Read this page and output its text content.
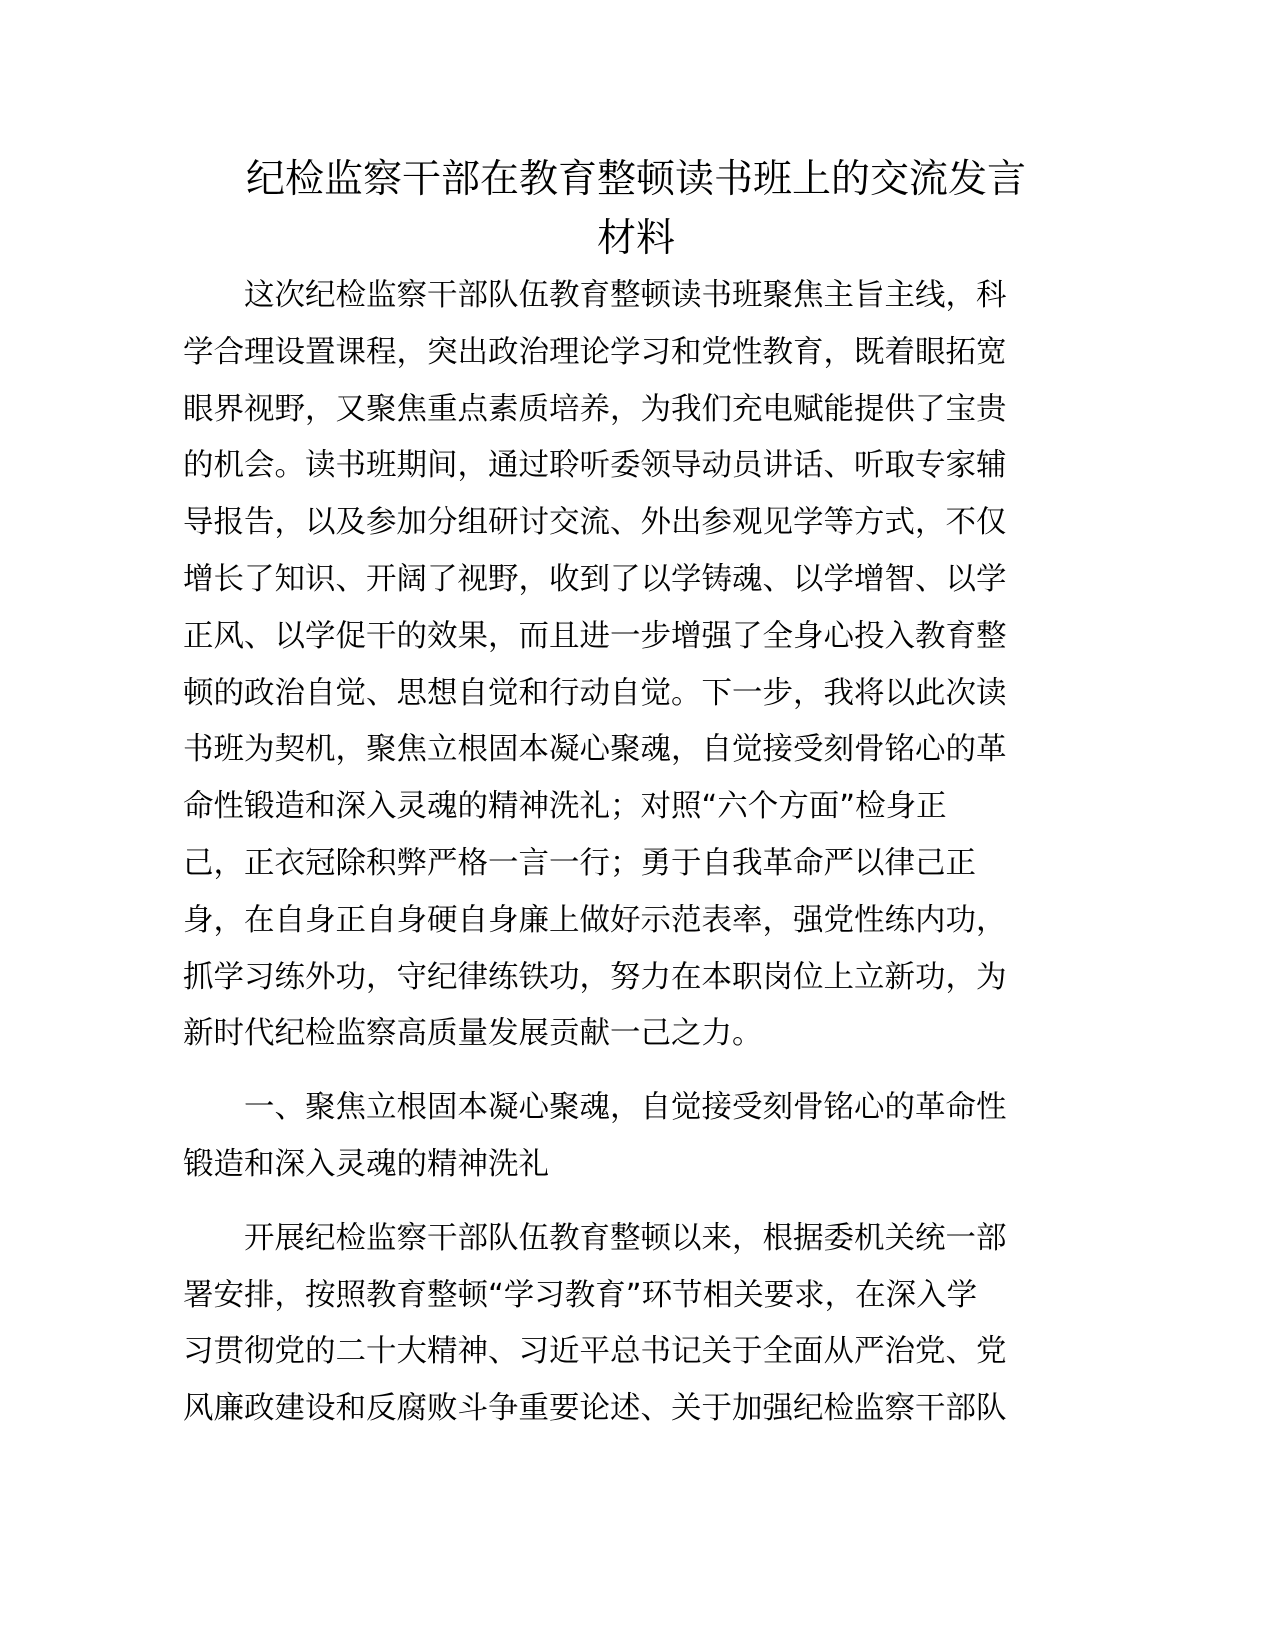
纪检监察干部在教育整顿读书班上的交流发言
材料

这次纪检监察干部队伍教育整顿读书班聚焦主旨主线，科
学合理设置课程，突出政治理论学习和党性教育，既着眼拓宽
眼界视野，又聚焦重点素质培养，为我们充电赋能提供了宝贵
的机会。读书班期间，通过聆听委领导动员讲话、听取专家辅
导报告，以及参加分组研讨交流、外出参观见学等方式，不仅
增长了知识、开阔了视野，收到了以学铸魂、以学增智、以学
正风、以学促干的效果，而且进一步增强了全身心投入教育整
顿的政治自觉、思想自觉和行动自觉。下一步，我将以此次读
书班为契机，聚焦立根固本凝心聚魂，自觉接受刻骨铭心的革
命性锻造和深入灵魂的精神洗礼；对照“六个方面”检身正
己，正衣冠除积弊严格一言一行；勇于自我革命严以律己正
身，在自身正自身硬自身廉上做好示范表率，强党性练内功，
抓学习练外功，守纪律练铁功，努力在本职岗位上立新功，为
新时代纪检监察高质量发展贡献一己之力。

一、聚焦立根固本凝心聚魂，自觉接受刻骨铭心的革命性
锻造和深入灵魂的精神洗礼

开展纪检监察干部队伍教育整顿以来，根据委机关统一部
署安排，按照教育整顿“学习教育”环节相关要求，在深入学
习贯彻党的二十大精神、习近平总书记关于全面从严治党、党
风廉政建设和反腐败斗争重要论述、关于加强纪检监察干部队
